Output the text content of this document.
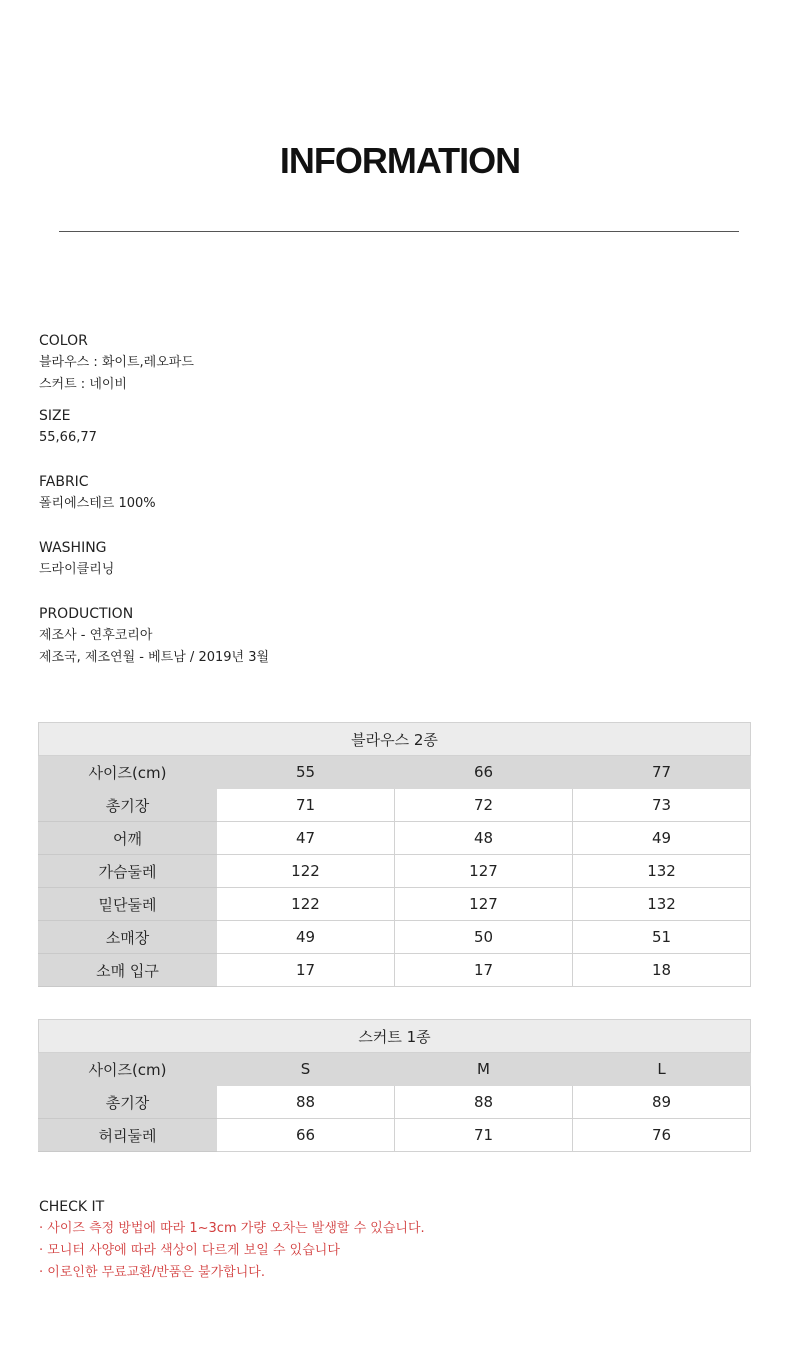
INFORMATION
COLOR
블라우스 : 화이트,레오파드
스커트 : 네이비
SIZE
55,66,77
FABRIC
폴리에스테르 100%
WASHING
드라이클리닝
PRODUCTION
제조사 - 연후코리아
제조국, 제조연월 - 베트남 / 2019년 3월
블라우스 2종			
사이즈(cm)	55	66	77
총기장	71	72	73
어깨	47	48	49
가슴둘레	122	127	132
밑단둘레	122	127	132
소매장	49	50	51
소매 입구	17	17	18
스커트 1종			
사이즈(cm)	S	M	L
총기장	88	88	89
허리둘레	66	71	76
CHECK IT
· 사이즈 측정 방법에 따라 1~3cm 가량 오차는 발생할 수 있습니다.
· 모니터 사양에 따라 색상이 다르게 보일 수 있습니다
· 이로인한 무료교환/반품은 불가합니다.
